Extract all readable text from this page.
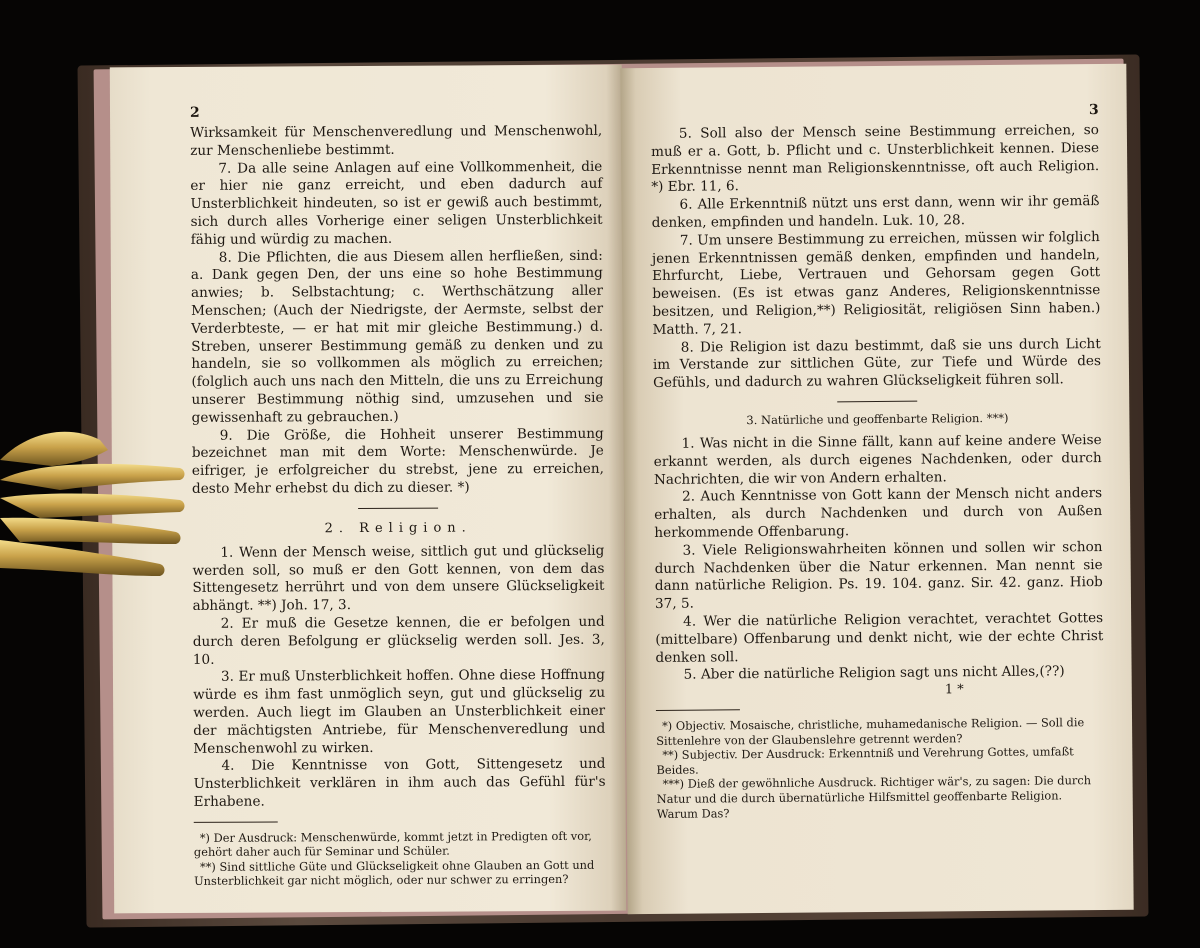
2

Wirksamkeit für Menschenveredlung und Menschenwohl, zur Menschenliebe bestimmt.

7. Da alle seine Anlagen auf eine Vollkommenheit, die er hier nie ganz erreicht, und eben dadurch auf Unsterblichkeit hindeuten, so ist er gewiß auch bestimmt, sich durch alles Vorherige einer seligen Unsterblichkeit fähig und würdig zu machen.

8. Die Pflichten, die aus Diesem allen herfließen, sind: a. Dank gegen Den, der uns eine so hohe Bestimmung anwies; b. Selbstachtung; c. Werthschätzung aller Menschen; (Auch der Niedrigste, der Aermste, selbst der Verderbteste, — er hat mit mir gleiche Bestimmung.) d. Streben, unserer Bestimmung gemäß zu denken und zu handeln, sie so vollkommen als möglich zu erreichen; (folglich auch uns nach den Mitteln, die uns zu Erreichung unserer Bestimmung nöthig sind, umzusehen und sie gewissenhaft zu gebrauchen.)

9. Die Größe, die Hohheit unserer Bestimmung bezeichnet man mit dem Worte: Menschenwürde. Je eifriger, je erfolgreicher du strebst, jene zu erreichen, desto Mehr erhebst du dich zu dieser. *)

2. Religion.

1. Wenn der Mensch weise, sittlich gut und glückselig werden soll, so muß er den Gott kennen, von dem das Sittengesetz herrührt und von dem unsere Glückseligkeit abhängt. **) Joh. 17, 3.

2. Er muß die Gesetze kennen, die er befolgen und durch deren Befolgung er glückselig werden soll. Jes. 3, 10.

3. Er muß Unsterblichkeit hoffen. Ohne diese Hoffnung würde es ihm fast unmöglich seyn, gut und glückselig zu werden. Auch liegt im Glauben an Unsterblichkeit einer der mächtigsten Antriebe, für Menschenveredlung und Menschenwohl zu wirken.

4. Die Kenntnisse von Gott, Sittengesetz und Unsterblichkeit verklären in ihm auch das Gefühl für's Erhabene.

*) Der Ausdruck: Menschenwürde, kommt jetzt in Predigten oft vor, gehört daher auch für Seminar und Schüler.

**) Sind sittliche Güte und Glückseligkeit ohne Glauben an Gott und Unsterblichkeit gar nicht möglich, oder nur schwer zu erringen?

3

5. Soll also der Mensch seine Bestimmung erreichen, so muß er a. Gott, b. Pflicht und c. Unsterblichkeit kennen. Diese Erkenntnisse nennt man Religionskenntnisse, oft auch Religion. *) Ebr. 11, 6.

6. Alle Erkenntniß nützt uns erst dann, wenn wir ihr gemäß denken, empfinden und handeln. Luk. 10, 28.

7. Um unsere Bestimmung zu erreichen, müssen wir folglich jenen Erkenntnissen gemäß denken, empfinden und handeln, Ehrfurcht, Liebe, Vertrauen und Gehorsam gegen Gott beweisen. (Es ist etwas ganz Anderes, Religionskenntnisse besitzen, und Religion,**) Religiosität, religiösen Sinn haben.) Matth. 7, 21.

8. Die Religion ist dazu bestimmt, daß sie uns durch Licht im Verstande zur sittlichen Güte, zur Tiefe und Würde des Gefühls, und dadurch zu wahren Glückseligkeit führen soll.

3. Natürliche und geoffenbarte Religion. ***)

1. Was nicht in die Sinne fällt, kann auf keine andere Weise erkannt werden, als durch eigenes Nachdenken, oder durch Nachrichten, die wir von Andern erhalten.

2. Auch Kenntnisse von Gott kann der Mensch nicht anders erhalten, als durch Nachdenken und durch von Außen herkommende Offenbarung.

3. Viele Religionswahrheiten können und sollen wir schon durch Nachdenken über die Natur erkennen. Man nennt sie dann natürliche Religion. Ps. 19. 104. ganz. Sir. 42. ganz. Hiob 37, 5.

4. Wer die natürliche Religion verachtet, verachtet Gottes (mittelbare) Offenbarung und denkt nicht, wie der echte Christ denken soll.

5. Aber die natürliche Religion sagt uns nicht Alles,(??)

1 *

*) Objectiv. Mosaische, christliche, muhamedanische Religion. — Soll die Sittenlehre von der Glaubenslehre getrennt werden?

**) Subjectiv. Der Ausdruck: Erkenntniß und Verehrung Gottes, umfaßt Beides.

***) Dieß der gewöhnliche Ausdruck. Richtiger wär's, zu sagen: Die durch Natur und die durch übernatürliche Hilfsmittel geoffenbarte Religion. Warum Das?
